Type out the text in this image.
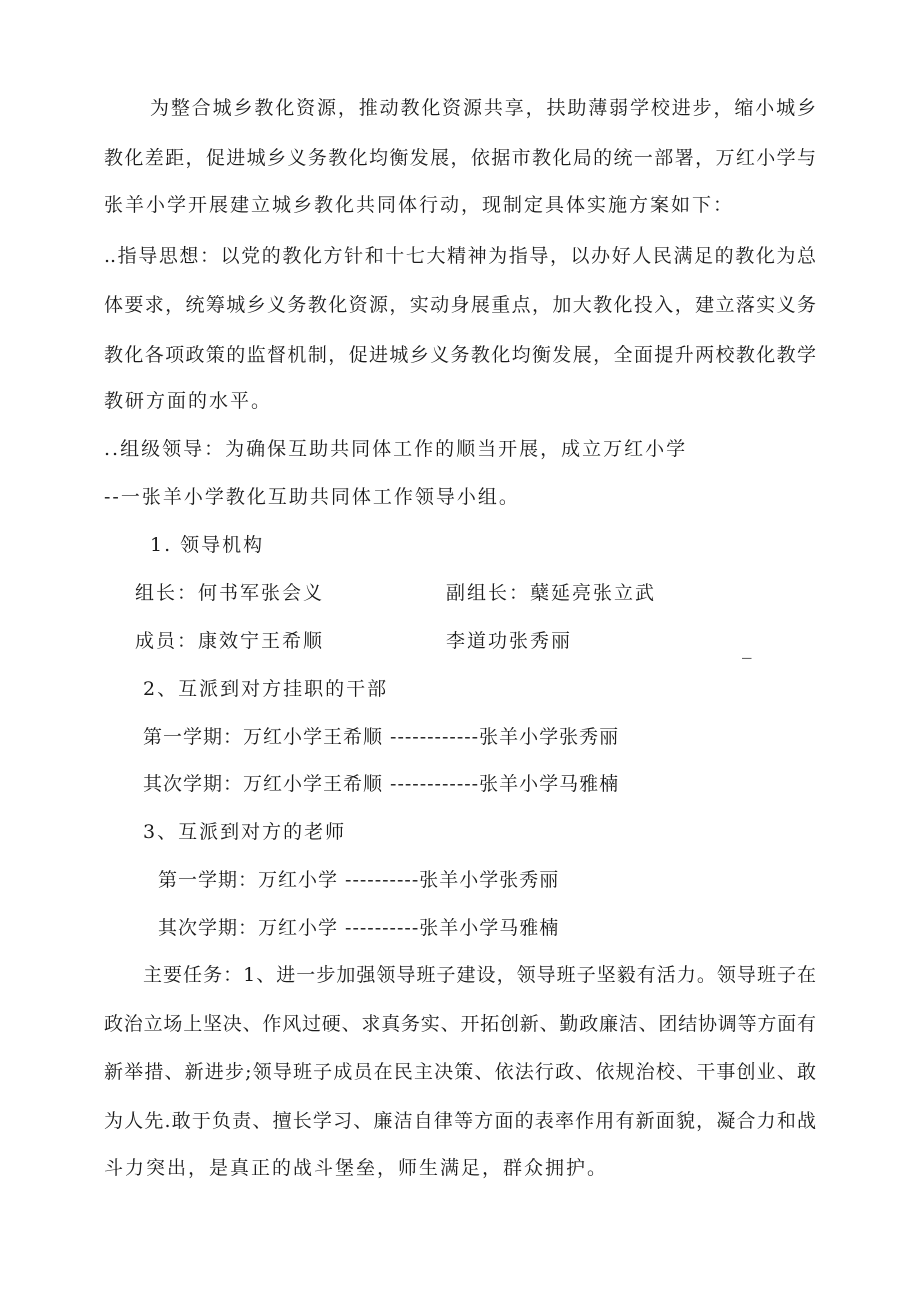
为整合城乡教化资源，推动教化资源共享，扶助薄弱学校进步，缩小城乡
教化差距，促进城乡义务教化均衡发展，依据市教化局的统一部署，万红小学与
张羊小学开展建立城乡教化共同体行动，现制定具体实施方案如下：
..指导思想：以党的教化方针和十七大精神为指导，以办好人民满足的教化为总
体要求，统筹城乡义务教化资源，实动身展重点，加大教化投入，建立落实义务
教化各项政策的监督机制，促进城乡义务教化均衡发展，全面提升两校教化教学
教研方面的水平。
..组级领导：为确保互助共同体工作的顺当开展，成立万红小学
--一张羊小学教化互助共同体工作领导小组。
1. 领导机构
组长：何书军张会义	副组长：蘖延亮张立武
成员：康效宁王希顺	李道功张秀丽	_
2、互派到对方挂职的干部
第一学期：万红小学王希顺 ------------张羊小学张秀丽
其次学期：万红小学王希顺 ------------张羊小学马雅楠
3、互派到对方的老师
第一学期：万红小学 ----------张羊小学张秀丽
其次学期：万红小学 ----------张羊小学马雅楠
主要任务：1、进一步加强领导班子建设，领导班子坚毅有活力。领导班子在
政治立场上坚决、作风过硬、求真务实、开拓创新、勤政廉洁、团结协调等方面有
新举措、新进步;领导班子成员在民主决策、依法行政、依规治校、干事创业、敢
为人先.敢于负责、擅长学习、廉洁自律等方面的表率作用有新面貌，凝合力和战
斗力突出，是真正的战斗堡垒，师生满足，群众拥护。
